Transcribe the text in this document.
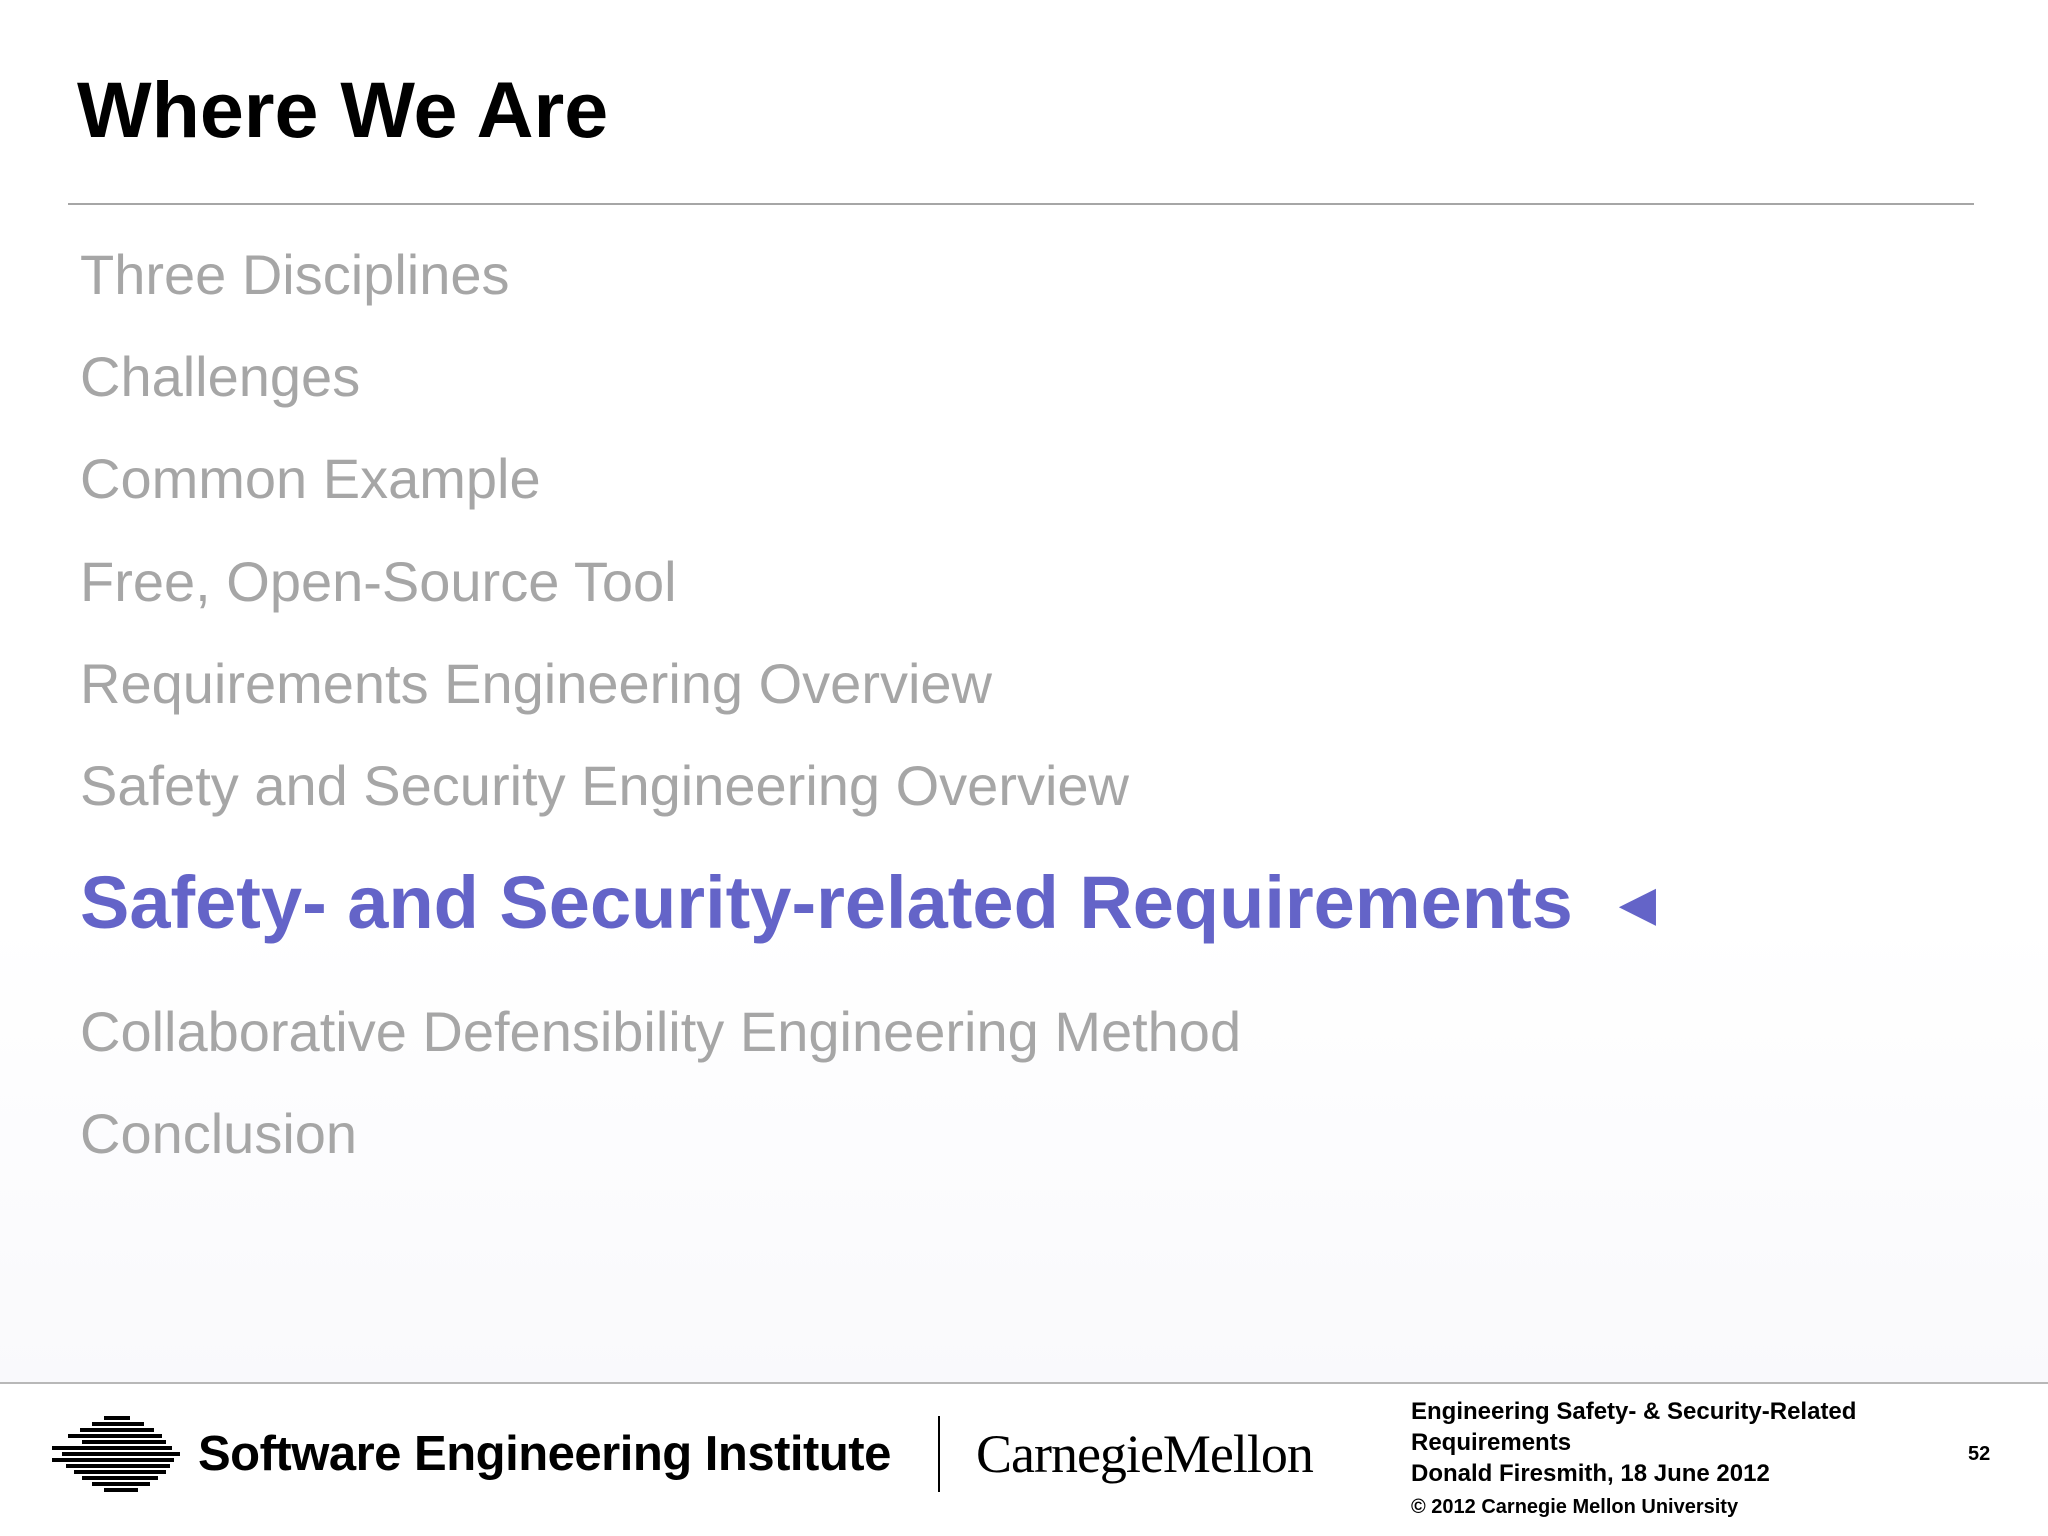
Where We Are
Three Disciplines
Challenges
Common Example
Free, Open-Source Tool
Requirements Engineering Overview
Safety and Security Engineering Overview
Safety- and Security-related Requirements ◄
Collaborative Defensibility Engineering Method
Conclusion
Software Engineering Institute CarnegieMellon
Engineering Safety- & Security-Related
Requirements
Donald Firesmith, 18 June 2012
© 2012 Carnegie Mellon University
52
